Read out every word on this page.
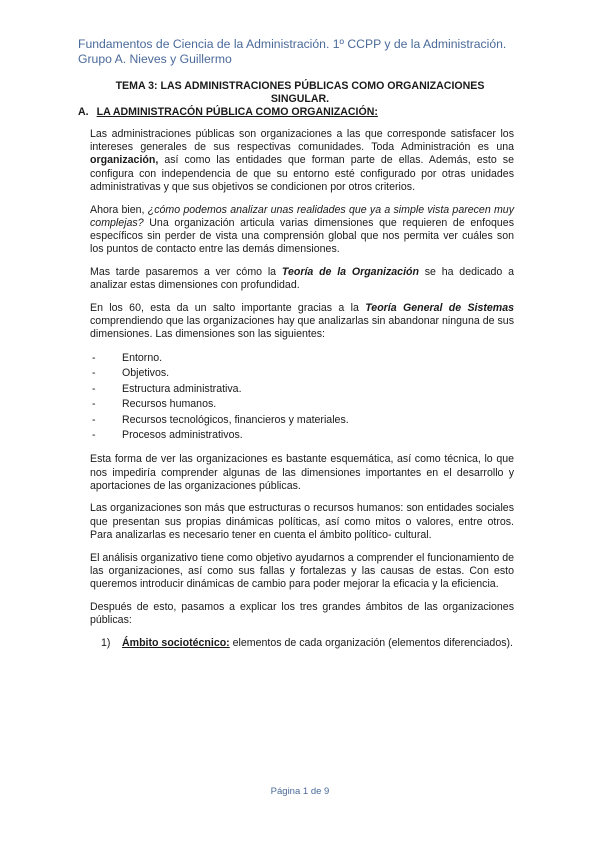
Fundamentos de Ciencia de la Administración. 1º CCPP y de la Administración.
Grupo A. Nieves y Guillermo
TEMA 3: LAS ADMINISTRACIONES PÚBLICAS COMO ORGANIZACIONES
SINGULAR.
A. LA ADMINISTRACÓN PÚBLICA COMO ORGANIZACIÓN:

Las administraciones públicas son organizaciones a las que corresponde satisfacer los intereses generales de sus respectivas comunidades. Toda Administración es una organización, así como las entidades que forman parte de ellas. Además, esto se configura con independencia de que su entorno esté configurado por otras unidades administrativas y que sus objetivos se condicionen por otros criterios.

Ahora bien, ¿cómo podemos analizar unas realidades que ya a simple vista parecen muy complejas? Una organización articula varias dimensiones que requieren de enfoques específicos sin perder de vista una comprensión global que nos permita ver cuáles son los puntos de contacto entre las demás dimensiones.

Mas tarde pasaremos a ver cómo la Teoría de la Organización se ha dedicado a analizar estas dimensiones con profundidad.

En los 60, esta da un salto importante gracias a la Teoría General de Sistemas comprendiendo que las organizaciones hay que analizarlas sin abandonar ninguna de sus dimensiones. Las dimensiones son las siguientes:

- Entorno.
- Objetivos.
- Estructura administrativa.
- Recursos humanos.
- Recursos tecnológicos, financieros y materiales.
- Procesos administrativos.

Esta forma de ver las organizaciones es bastante esquemática, así como técnica, lo que nos impediría comprender algunas de las dimensiones importantes en el desarrollo y aportaciones de las organizaciones públicas.

Las organizaciones son más que estructuras o recursos humanos: son entidades sociales que presentan sus propias dinámicas políticas, así como mitos o valores, entre otros. Para analizarlas es necesario tener en cuenta el ámbito político- cultural.

El análisis organizativo tiene como objetivo ayudarnos a comprender el funcionamiento de las organizaciones, así como sus fallas y fortalezas y las causas de estas. Con esto queremos introducir dinámicas de cambio para poder mejorar la eficacia y la eficiencia.

Después de esto, pasamos a explicar los tres grandes ámbitos de las organizaciones públicas:

1) Ámbito sociotécnico: elementos de cada organización (elementos diferenciados).
Página 1 de 9
